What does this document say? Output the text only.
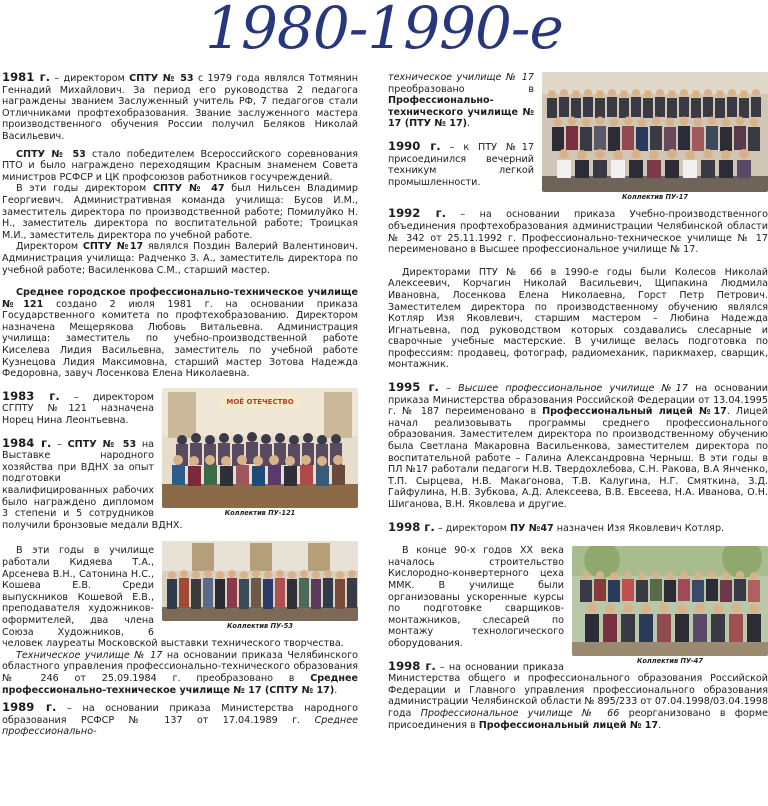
1980-1990-е

1981 г. – директором СПТУ № 53 с 1979 года являлся Тотмянин Геннадий Михайлович. За период его руководства 2 педагога награждены званием Заслуженный учитель РФ, 7 педагогов стали Отличниками профтехобразования. Звание заслуженного мастера производственного обучения России получил Беляков Николай Васильевич.

СПТУ № 53 стало победителем Всероссийского соревнования ПТО и было награждено переходящим Красным знаменем Совета министров РСФСР и ЦК профсоюзов работников госучреждений.

В эти годы директором СПТУ № 47 был Нильсен Владимир Георгиевич. Административная команда училища: Бусов И.М., заместитель директора по производственной работе; Помилуйко Н. Н., заместитель директора по воспитательной работе; Троицкая М.И., заместитель директора по учебной работе.

Директором СПТУ №17 являлся Поздин Валерий Валентинович. Администрация училища: Радченко З. А., заместитель директора по учебной работе; Василенкова С.М., старший мастер.

Среднее городское профессионально-техническое училище №121 создано 2 июля 1981 г. на основании приказа Государственного комитета по профтехобразованию. Директором назначена Мещерякова Любовь Витальевна. Администрация училища: заместитель по учебно-производственной работе Киселева Лидия Васильевна, заместитель по учебной работе Кузнецова Лидия Максимовна, старший мастер Зотова Надежда Федоровна, завуч Лосенкова Елена Николаевна.

МОЁ ОТЕЧЕСТВО
Коллектив ПУ-121

1983 г. – директором СГПТУ №121 назначена Норец Нина Леонтьевна.

1984 г. – СПТУ № 53 на Выставке народного хозяйства при ВДНХ за опыт подготовки квалифицированных рабочих было награждено дипломом 3 степени и 5 сотрудников получили бронзовые медали ВДНХ.

Коллектив ПУ-53

В эти годы в училище работали Кидяева Т.А., Арсенева В.Н., Сатонина Н.С., Кошева Е.В. Среди выпускников Кошевой Е.В., преподавателя художников-оформителей, два члена Союза Художников, 6 человек лауреаты Московской выставки технического творчества.

Техническое училище № 17 на основании приказа Челябинского областного управления профессионально-технического образования № 246 от 25.09.1984 г. преобразовано в Среднее профессионально-техническое училище № 17 (СПТУ № 17).

1989 г. – на основании приказа Министерства народного образования РСФСР № 137 от 17.04.1989 г. Среднее профессионально-

Коллектив ПУ-17

техническое училище № 17 преобразовано в Профессионально-технического училище № 17 (ПТУ № 17).

1990 г. – к ПТУ №17 присоединился вечерний техникум легкой промышленности.

1992 г. – на основании приказа Учебно-производственного объединения профтехобразования администрации Челябинской области № 342 от 25.11.1992 г. Профессионально-техническое училище № 17 переименовано в Высшее профессиональное училище № 17.

Директорами ПТУ № 66 в 1990-е годы были Колесов Николай Алексеевич, Корчагин Николай Васильевич, Щипакина Людмила Ивановна, Лосенкова Елена Николаевна, Горст Петр Петрович. Заместителем директора по производственному обучению являлся Котляр Изя Яковлевич, старшим мастером – Любина Надежда Игнатьевна, под руководством которых создавались слесарные и сварочные учебные мастерские. В училище велась подготовка по профессиям: продавец, фотограф, радиомеханик, парикмахер, сварщик, монтажник.

1995 г. – Высшее профессиональное училище №17 на основании приказа Министерства образования Российской Федерации от 13.04.1995 г. № 187 переименовано в Профессиональный лицей №17. Лицей начал реализовывать программы среднего профессионального образования. Заместителем директора по производственному обучению была Светлана Макаровна Васильенкова, заместителем директора по воспитательной работе – Галина Александровна Черныш. В эти годы в ПЛ №17 работали педагоги Н.В. Твердохлебова, С.Н. Ракова, В.А Янченко, Т.П. Сырцева, Н.В. Макагонова, Т.В. Калугина, Н.Г. Смяткина, З.Д. Гайфулина, Н.В. Зубкова, А.Д. Алексеева, В.В. Евсеева, Н.А. Иванова, О.Н. Шиганова, В.Н. Яковлева и другие.

1998 г. – директором ПУ №47 назначен Изя Яковлевич Котляр.

Коллектив ПУ-47

В конце 90-х годов XX века началось строительство Кислородно-конвертерного цеха ММК. В училище были организованы ускоренные курсы по подготовке сварщиков-монтажников, слесарей по монтажу технологического оборудования.

1998 г. – на основании приказа Министерства общего и профессионального образования Российской Федерации и Главного управления профессионального образования администрации Челябинской области № 895/233 от 07.04.1998/03.04.1998 года Профессиональное училище № 66 реорганизовано в форме присоединения в Профессиональный лицей № 17.
